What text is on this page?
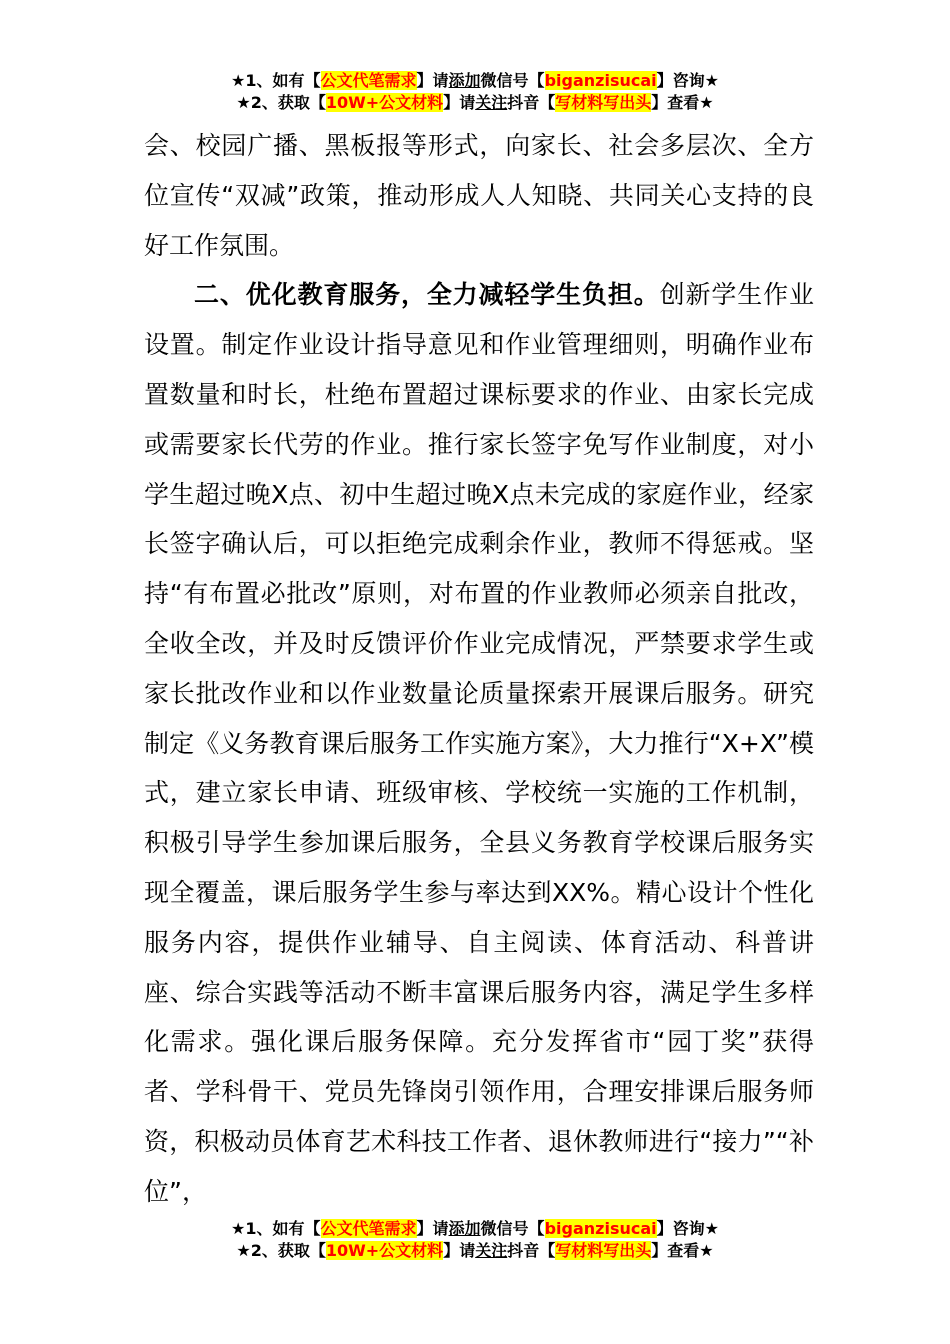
★1、如有【公文代笔需求】请添加微信号【biganzisucai】咨询★
★2、获取【10W+公文材料】请关注抖音【写材料写出头】查看★

会、校园广播、黑板报等形式，向家长、社会多层次、全方位宣传“双减”政策，推动形成人人知晓、共同关心支持的良好工作氛围。

二、优化教育服务，全力减轻学生负担。创新学生作业设置。制定作业设计指导意见和作业管理细则，明确作业布置数量和时长，杜绝布置超过课标要求的作业、由家长完成或需要家长代劳的作业。推行家长签字免写作业制度，对小学生超过晚X点、初中生超过晚X点未完成的家庭作业，经家长签字确认后，可以拒绝完成剩余作业，教师不得惩戒。坚持“有布置必批改”原则，对布置的作业教师必须亲自批改，全收全改，并及时反馈评价作业完成情况，严禁要求学生或家长批改作业和以作业数量论质量探索开展课后服务。研究制定《义务教育课后服务工作实施方案》，大力推行“X+X”模式，建立家长申请、班级审核、学校统一实施的工作机制，积极引导学生参加课后服务，全县义务教育学校课后服务实现全覆盖，课后服务学生参与率达到XX%。精心设计个性化服务内容，提供作业辅导、自主阅读、体育活动、科普讲座、综合实践等活动不断丰富课后服务内容，满足学生多样化需求。强化课后服务保障。充分发挥省市“园丁奖”获得者、学科骨干、党员先锋岗引领作用，合理安排课后服务师资，积极动员体育艺术科技工作者、退休教师进行“接力”“补位”，

★1、如有【公文代笔需求】请添加微信号【biganzisucai】咨询★
★2、获取【10W+公文材料】请关注抖音【写材料写出头】查看★
